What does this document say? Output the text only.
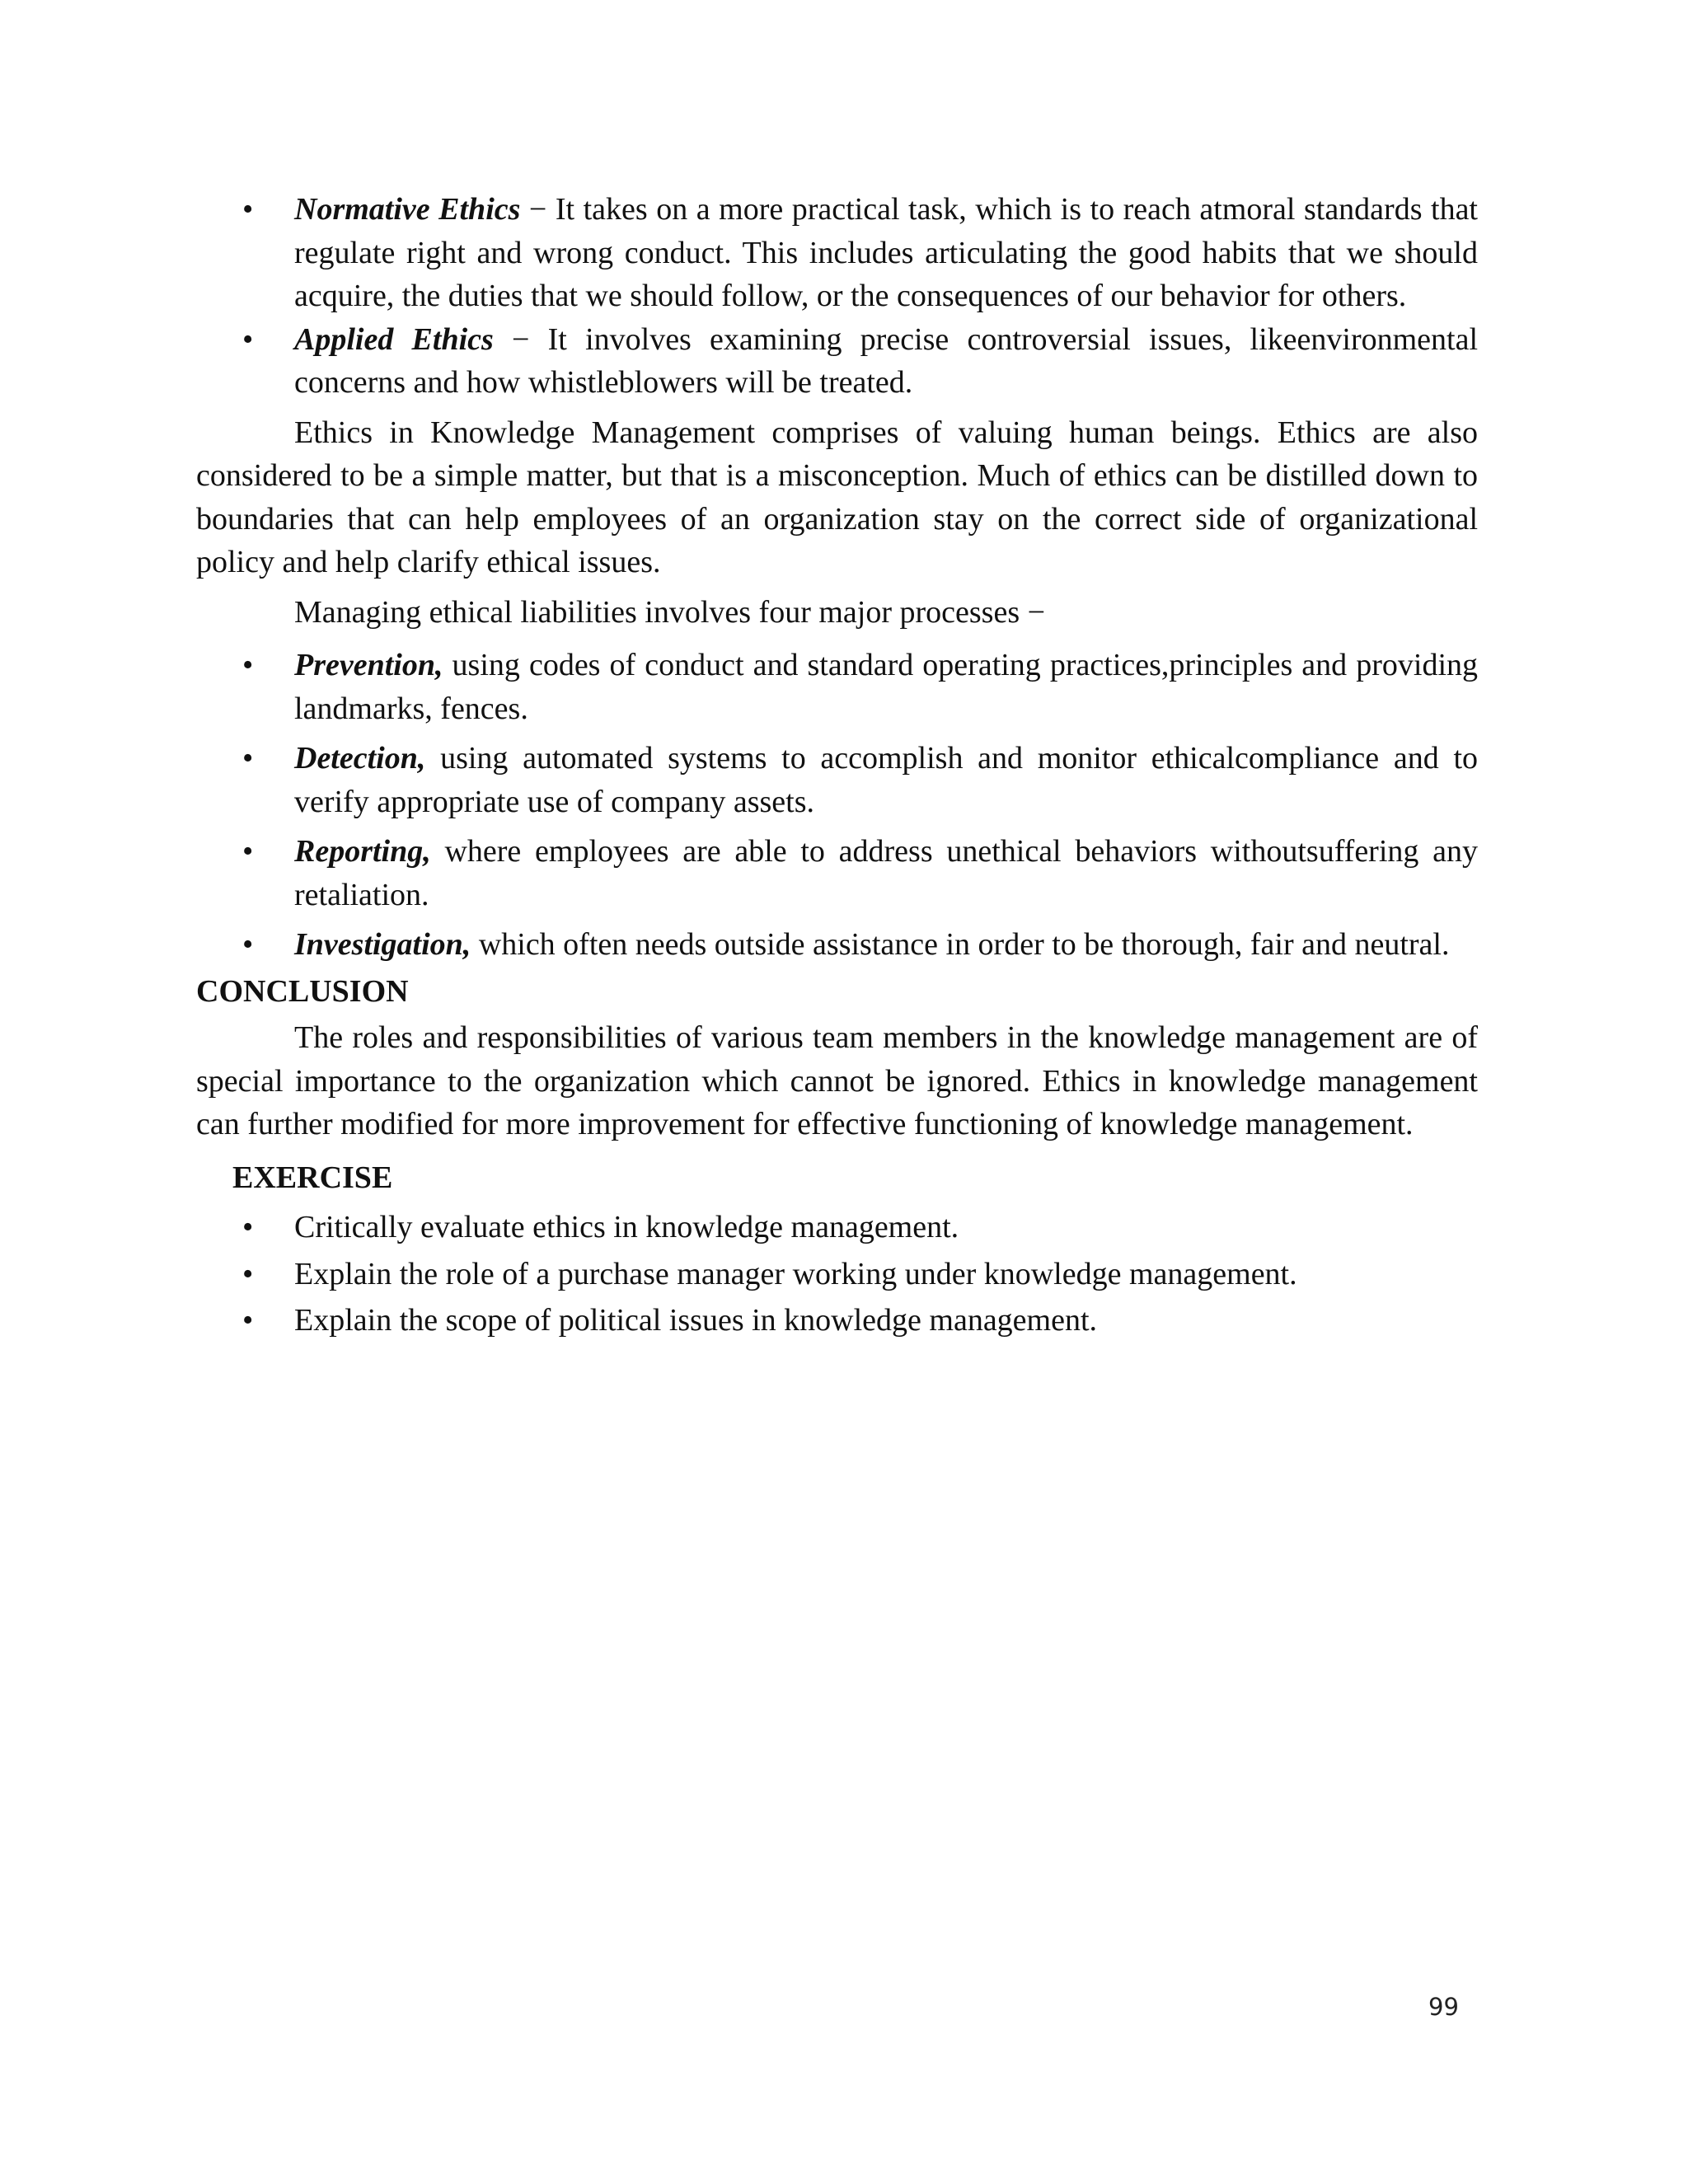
• Normative Ethics − It takes on a more practical task, which is to reach atmoral standards that regulate right and wrong conduct. This includes articulating the good habits that we should acquire, the duties that we should follow, or the consequences of our behavior for others.
• Applied Ethics − It involves examining precise controversial issues, likeenvironmental concerns and how whistleblowers will be treated.

Ethics in Knowledge Management comprises of valuing human beings. Ethics are also considered to be a simple matter, but that is a misconception. Much of ethics can be distilled down to boundaries that can help employees of an organization stay on the correct side of organizational policy and help clarify ethical issues.

Managing ethical liabilities involves four major processes −
• Prevention, using codes of conduct and standard operating practices,principles and providing landmarks, fences.
• Detection, using automated systems to accomplish and monitor ethicalcompliance and to verify appropriate use of company assets.
• Reporting, where employees are able to address unethical behaviors withoutsuffering any retaliation.
• Investigation, which often needs outside assistance in order to be thorough, fair and neutral.
CONCLUSION

The roles and responsibilities of various team members in the knowledge management are of special importance to the organization which cannot be ignored. Ethics in knowledge management can further modified for more improvement for effective functioning of knowledge management.

EXERCISE
• Critically evaluate ethics in knowledge management.
• Explain the role of a purchase manager working under knowledge management.
• Explain the scope of political issues in knowledge management.
99
